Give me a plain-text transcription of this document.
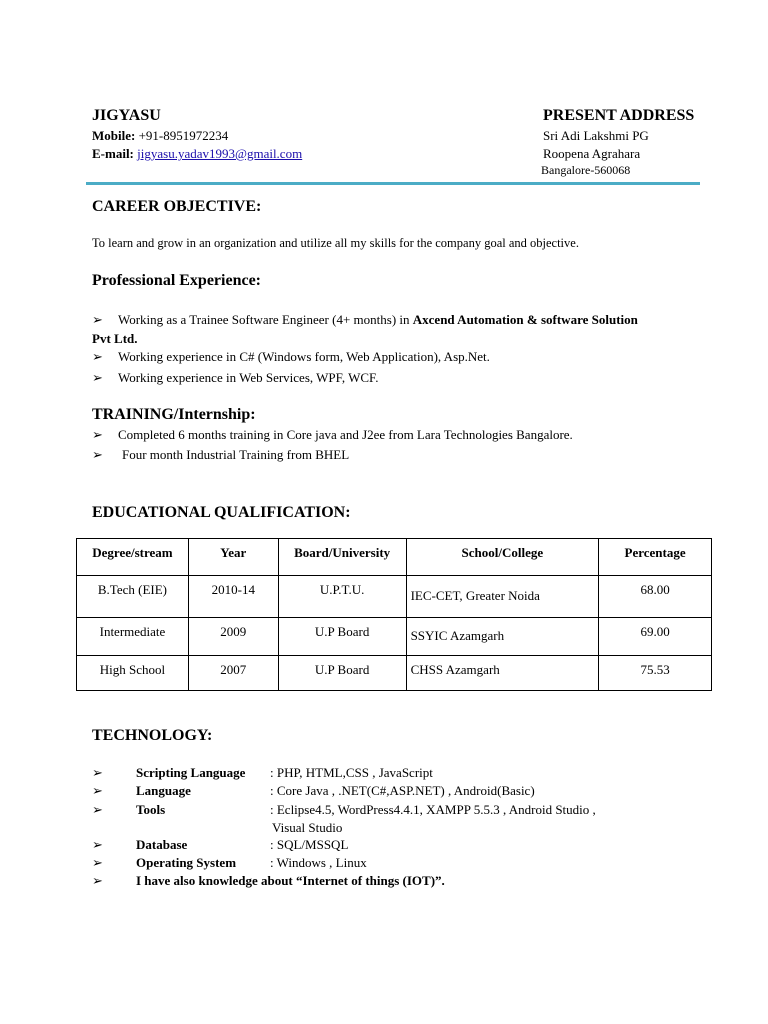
JIGYASU
Mobile: +91-8951972234
E-mail: jigyasu.yadav1993@gmail.com
PRESENT ADDRESS
Sri Adi Lakshmi PG
Roopena Agrahara
Bangalore-560068
CAREER OBJECTIVE:
To learn and grow in an organization and utilize all my skills for the company goal and objective.
Professional Experience:
➢ Working as a Trainee Software Engineer (4+ months) in Axcend Automation & software Solution
Pvt Ltd.
➢ Working experience in C# (Windows form, Web Application), Asp.Net.
➢ Working experience in Web Services, WPF, WCF.
TRAINING/Internship:
➢ Completed 6 months training in Core java and J2ee from Lara Technologies Bangalore.
➢ Four month Industrial Training from BHEL
EDUCATIONAL QUALIFICATION:
Degree/stream	Year	Board/University	School/College	Percentage
B.Tech (EIE)	2010-14	U.P.T.U.	IEC-CET, Greater Noida	68.00
Intermediate	2009	U.P Board	SSYIC Azamgarh	69.00
High School	2007	U.P Board	CHSS Azamgarh	75.53
TECHNOLOGY:
➢	Scripting Language : PHP, HTML,CSS , JavaScript
➢	Language	: Core Java , .NET(C#,ASP.NET) , Android(Basic)
➢	Tools	: Eclipse4.5, WordPress4.4.1, XAMPP 5.5.3 , Android Studio ,
Visual Studio
➢	Database	: SQL/MSSQL
➢	Operating System	: Windows , Linux
➢	I have also knowledge about “Internet of things (IOT)”.
